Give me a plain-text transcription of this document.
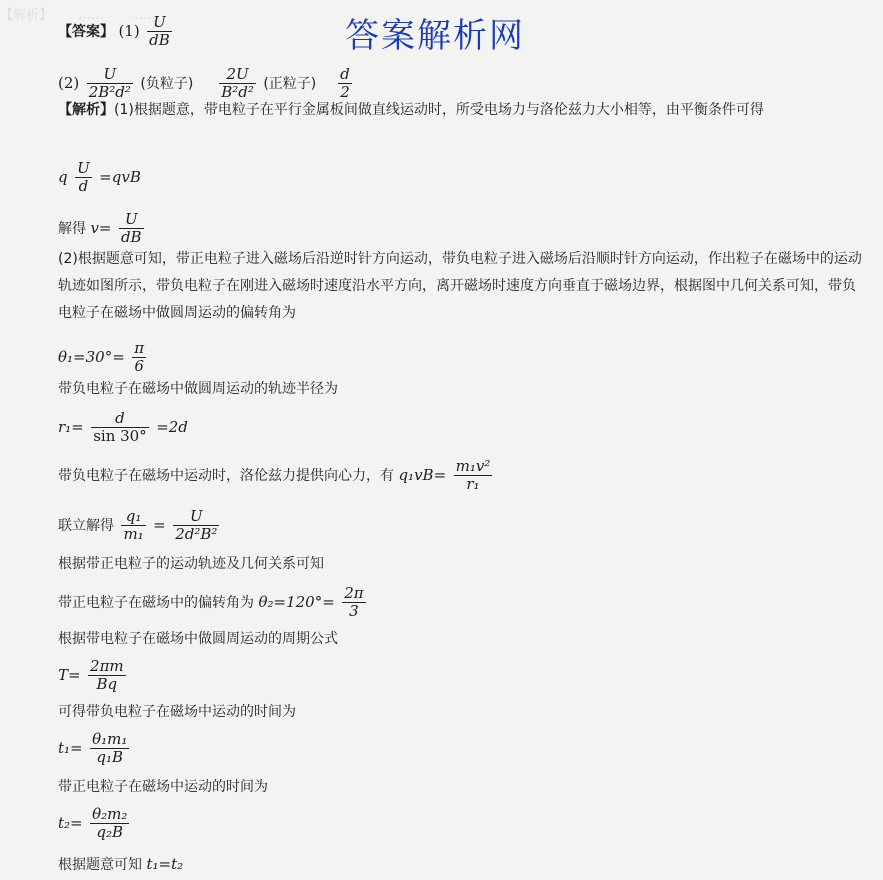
【解析】 …… ……
答案解析网
【答案】 $(1) \frac{U}{dB}$
$(2) \frac{U}{\text{2B²d²}}$ (负粒子) $\frac{2U}{\text{B²d²}}$ (正粒子) $\frac{d}{2}$
【解析】(1)根据题意，带电粒子在平行金属板间做直线运动时，所受电场力与洛伦兹力大小相等，由平衡条件可得
q $\frac{U}{d} =qvB$
解得 $v= \frac{U}{dB}$
(2)根据题意可知，带正电粒子进入磁场后沿逆时针方向运动，带负电粒子进入磁场后沿顺时针方向运动，作出粒子在磁场中的运动轨迹如图所示，带负电粒子在刚进入磁场时速度沿水平方向，离开磁场时速度方向垂直于磁场边界，根据图中几何关系可知，带负电粒子在磁场中做圆周运动的偏转角为
$\theta_1=30^\circ= \frac{\pi}{6}$
带负电粒子在磁场中做圆周运动的轨迹半径为
$r_1= \frac{d}{\sin 30^\circ} =2d$
带负电粒子在磁场中运动时，洛伦兹力提供向心力，有 $q_1vB= \frac{\text{m₁v²}}{\text{r₁}}$
联立解得 $\frac{\text{q₁}}{\text{m₁}} = \frac{U}{\text{2d²B²}}$
根据带正电粒子的运动轨迹及几何关系可知
带正电粒子在磁场中的偏转角为 $\theta_2=120^\circ= \frac{2\pi}{3}$
根据带电粒子在磁场中做圆周运动的周期公式
$T= \frac{2\pi m}{Bq}$
可得带负电粒子在磁场中运动的时间为
$t_1= \frac{\text{θ₁m₁}}{\text{q₁B}}$
带正电粒子在磁场中运动的时间为
$t_2= \frac{\text{θ₂m₂}}{\text{q₂B}}$
根据题意可知 t₁=t₂
